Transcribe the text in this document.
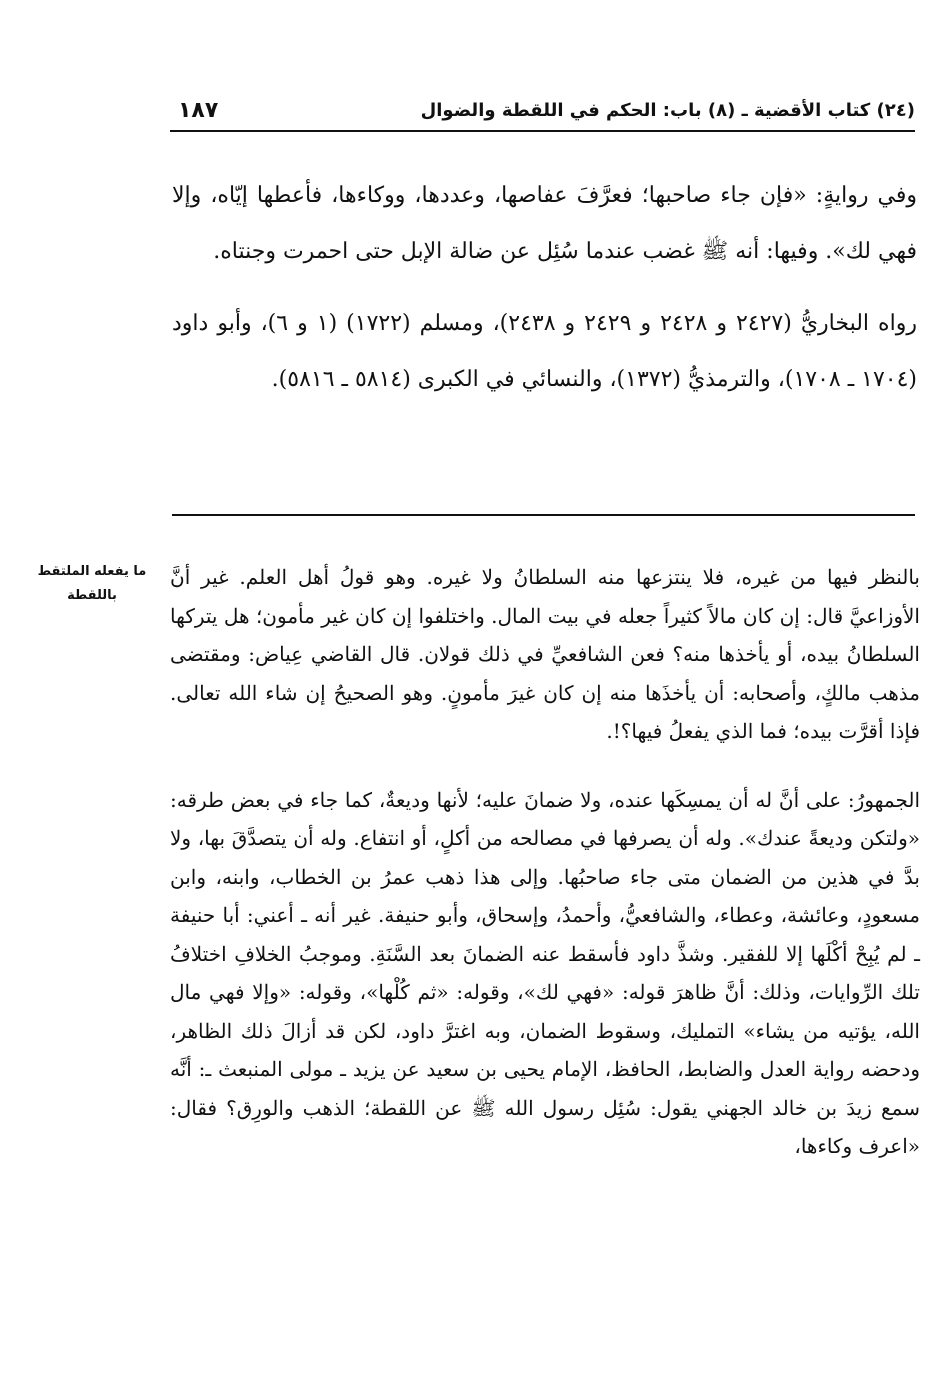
(٢٤) كتاب الأقضية ـ (٨) باب: الحكم في اللقطة والضوال
١٨٧

وفي روايةٍ: «فإن جاء صاحبها؛ فعرَّفَ عفاصها، وعددها، ووكاءها، فأعطها إيّاه، وإلا فهي لك». وفيها: أنه ﷺ غضب عندما سُئِل عن ضالة الإبل حتى احمرت وجنتاه.

رواه البخاريُّ (٢٤٢٧ و ٢٤٢٨ و ٢٤٢٩ و ٢٤٣٨)، ومسلم (١٧٢٢) (١ و ٦)، وأبو داود (١٧٠٤ ـ ١٧٠٨)، والترمذيُّ (١٣٧٢)، والنسائي في الكبرى (٥٨١٤ ـ ٥٨١٦).

ما يفعله الملتقط باللقطة

بالنظر فيها من غيره، فلا ينتزعها منه السلطانُ ولا غيره. وهو قولُ أهل العلم. غير أنَّ الأوزاعيَّ قال: إن كان مالاً كثيراً جعله في بيت المال. واختلفوا إن كان غير مأمون؛ هل يتركها السلطانُ بيده، أو يأخذها منه؟ فعن الشافعيِّ في ذلك قولان. قال القاضي عِياض: ومقتضى مذهب مالكٍ، وأصحابه: أن يأخذَها منه إن كان غيرَ مأمونٍ. وهو الصحيحُ إن شاء الله تعالى. فإذا أقرَّت بيده؛ فما الذي يفعلُ فيها؟!.

الجمهورُ: على أنَّ له أن يمسِكَها عنده، ولا ضمانَ عليه؛ لأنها وديعةٌ، كما جاء في بعض طرقه: «ولتكن وديعةً عندك». وله أن يصرفها في مصالحه من أكلٍ، أو انتفاع. وله أن يتصدَّقَ بها، ولا بدَّ في هذين من الضمان متى جاء صاحبُها. وإلى هذا ذهب عمرُ بن الخطاب، وابنه، وابن مسعودٍ، وعائشة، وعطاء، والشافعيُّ، وأحمدُ، وإسحاق، وأبو حنيفة. غير أنه ـ أعني: أبا حنيفة ـ لم يُبِحْ أكْلَها إلا للفقير. وشذَّ داود فأسقط عنه الضمانَ بعد السَّنَةِ. وموجبُ الخلافِ اختلافُ تلك الرِّوايات، وذلك: أنَّ ظاهرَ قوله: «فهي لك»، وقوله: «ثم كُلْها»، وقوله: «وإلا فهي مال الله، يؤتيه من يشاء» التمليك، وسقوط الضمان، وبه اغترَّ داود، لكن قد أزالَ ذلك الظاهر، ودحضه رواية العدل والضابط، الحافظ، الإمام يحيى بن سعيد عن يزيد ـ مولى المنبعث ـ: أنَّه سمع زيدَ بن خالد الجهني يقول: سُئِل رسول الله ﷺ عن اللقطة؛ الذهب والورِق؟ فقال: «اعرف وكاءها،
